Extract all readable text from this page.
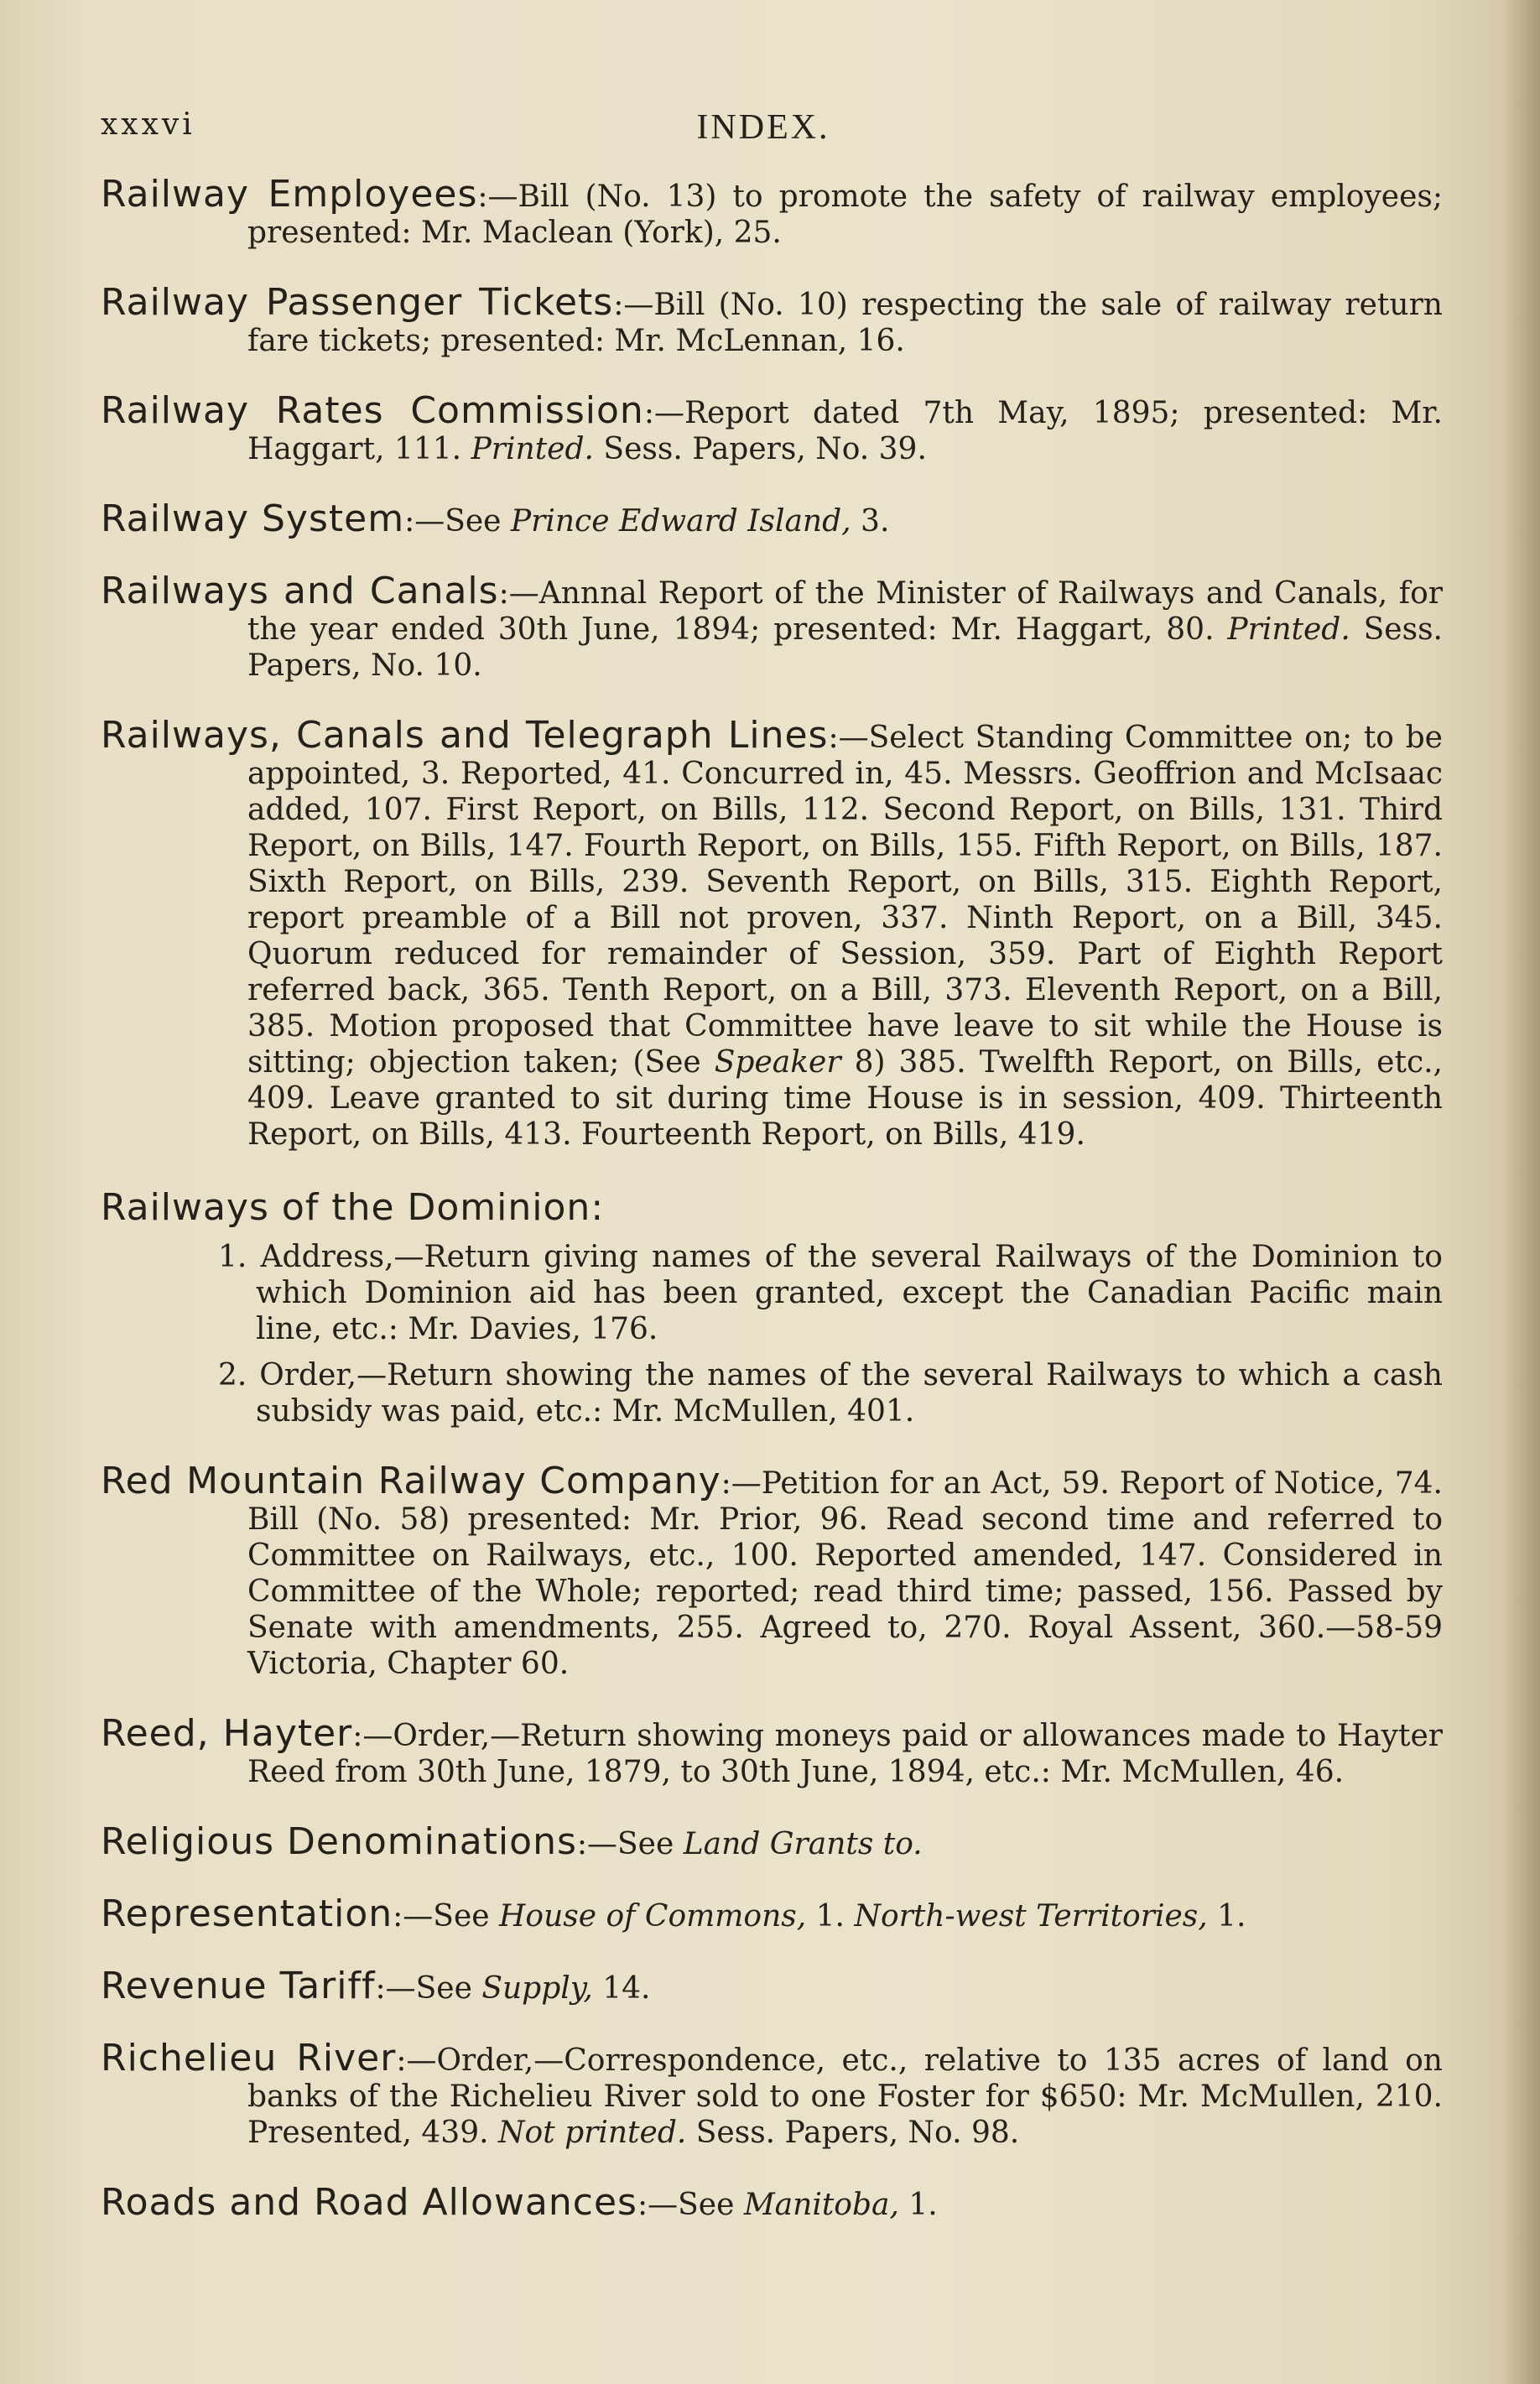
xxxvi	INDEX.
Railway Employees:—Bill (No. 13) to promote the safety of railway employees; presented: Mr. Maclean (York), 25.
Railway Passenger Tickets:—Bill (No. 10) respecting the sale of railway return fare tickets; presented: Mr. McLennan, 16.
Railway Rates Commission:—Report dated 7th May, 1895; presented: Mr. Haggart, 111. Printed. Sess. Papers, No. 39.
Railway System:—See Prince Edward Island, 3.
Railways and Canals:—Annnal Report of the Minister of Railways and Canals, for the year ended 30th June, 1894; presented: Mr. Haggart, 80. Printed. Sess. Papers, No. 10.
Railways, Canals and Telegraph Lines:—Select Standing Committee on; to be appointed, 3. Reported, 41. Concurred in, 45. Messrs. Geoffrion and McIsaac added, 107. First Report, on Bills, 112. Second Report, on Bills, 131. Third Report, on Bills, 147. Fourth Report, on Bills, 155. Fifth Report, on Bills, 187. Sixth Report, on Bills, 239. Seventh Report, on Bills, 315. Eighth Report, report preamble of a Bill not proven, 337. Ninth Report, on a Bill, 345. Quorum reduced for remainder of Session, 359. Part of Eighth Report referred back, 365. Tenth Report, on a Bill, 373. Eleventh Report, on a Bill, 385. Motion proposed that Committee have leave to sit while the House is sitting; objection taken; (See Speaker 8) 385. Twelfth Report, on Bills, etc., 409. Leave granted to sit during time House is in session, 409. Thirteenth Report, on Bills, 413. Fourteenth Report, on Bills, 419.
Railways of the Dominion:
1. Address,—Return giving names of the several Railways of the Dominion to which Dominion aid has been granted, except the Canadian Pacific main line, etc.: Mr. Davies, 176.
2. Order,—Return showing the names of the several Railways to which a cash subsidy was paid, etc.: Mr. McMullen, 401.
Red Mountain Railway Company:—Petition for an Act, 59. Report of Notice, 74. Bill (No. 58) presented: Mr. Prior, 96. Read second time and referred to Committee on Railways, etc., 100. Reported amended, 147. Considered in Committee of the Whole; reported; read third time; passed, 156. Passed by Senate with amendments, 255. Agreed to, 270. Royal Assent, 360.—58-59 Victoria, Chapter 60.
Reed, Hayter:—Order,—Return showing moneys paid or allowances made to Hayter Reed from 30th June, 1879, to 30th June, 1894, etc.: Mr. McMullen, 46.
Religious Denominations:—See Land Grants to.
Representation:—See House of Commons, 1. North-west Territories, 1.
Revenue Tariff:—See Supply, 14.
Richelieu River:—Order,—Correspondence, etc., relative to 135 acres of land on banks of the Richelieu River sold to one Foster for $650: Mr. McMullen, 210. Presented, 439. Not printed. Sess. Papers, No. 98.
Roads and Road Allowances:—See Manitoba, 1.
